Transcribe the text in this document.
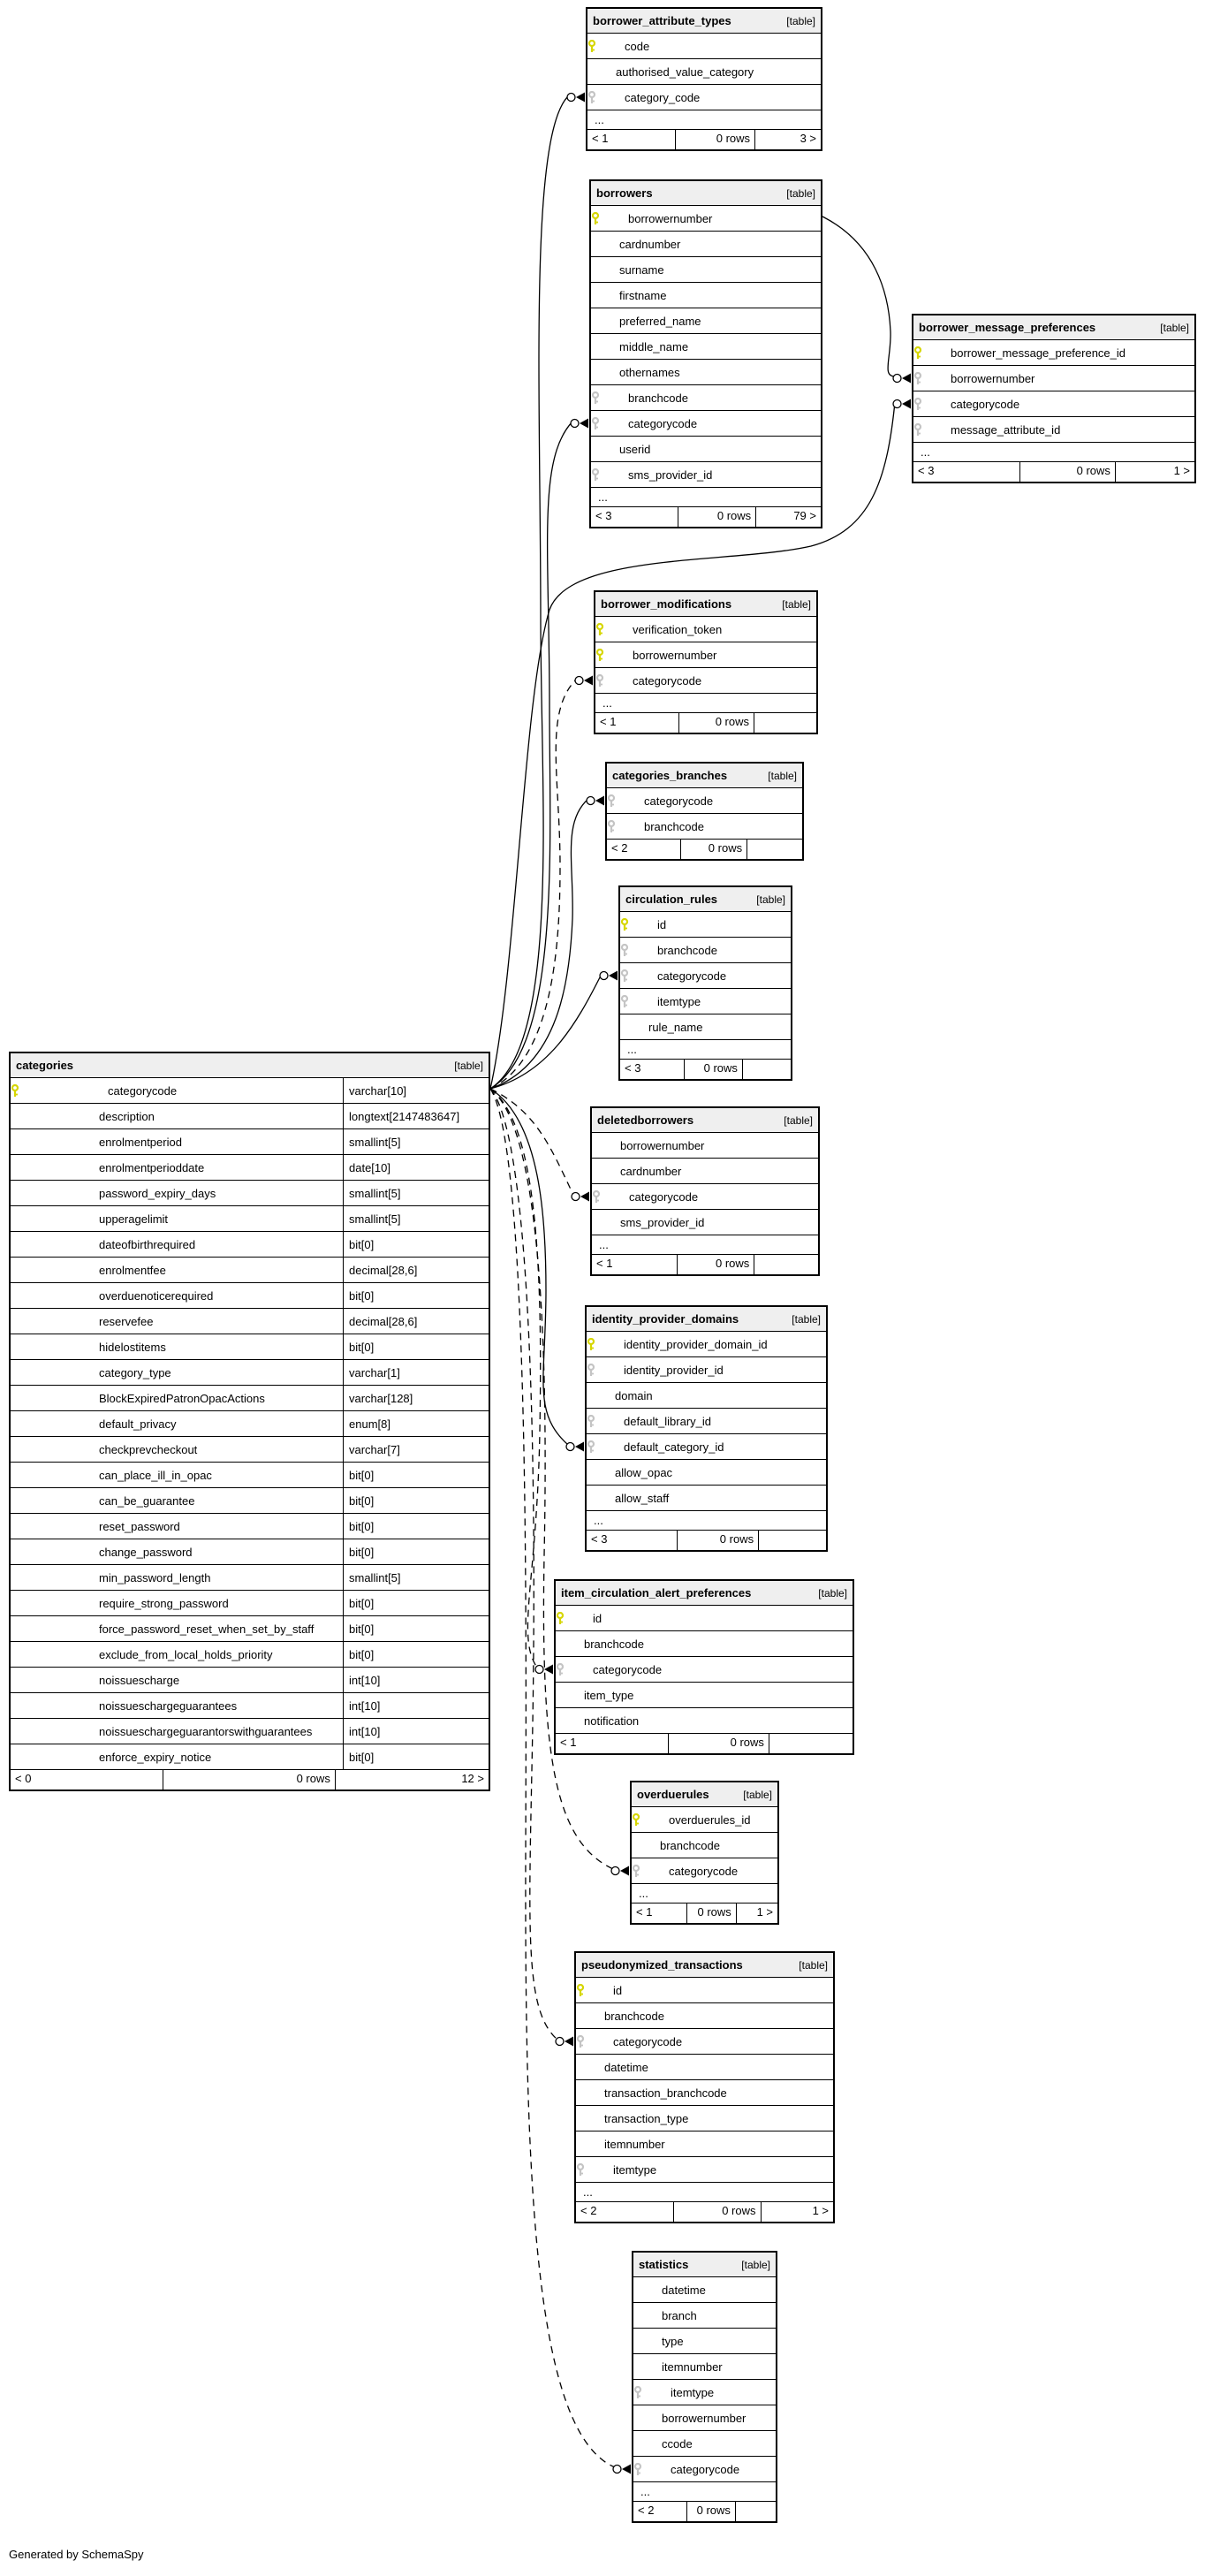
borrower_attribute_types	[table]
code
authorised_value_category
category_code
...
< 1	0 rows	3 >
borrowers	[table]
borrowernumber
cardnumber
surname
firstname
preferred_name
middle_name
othernames
branchcode
categorycode
userid
sms_provider_id
...
< 3	0 rows	79 >
borrower_message_preferences	[table]
borrower_message_preference_id
borrowernumber
categorycode
message_attribute_id
...
< 3	0 rows	1 >
borrower_modifications	[table]
verification_token
borrowernumber
categorycode
...
< 1	0 rows
categories_branches	[table]
categorycode
branchcode
< 2	0 rows
circulation_rules	[table]
id
branchcode
categorycode
itemtype
rule_name
...
< 3	0 rows
categories	[table]
categorycode	varchar[10]
description	longtext[2147483647]
enrolmentperiod	smallint[5]
enrolmentperioddate	date[10]
password_expiry_days	smallint[5]
upperagelimit	smallint[5]
dateofbirthrequired	bit[0]
enrolmentfee	decimal[28,6]
overduenoticerequired	bit[0]
reservefee	decimal[28,6]
hidelostitems	bit[0]
category_type	varchar[1]
BlockExpiredPatronOpacActions	varchar[128]
default_privacy	enum[8]
checkprevcheckout	varchar[7]
can_place_ill_in_opac	bit[0]
can_be_guarantee	bit[0]
reset_password	bit[0]
change_password	bit[0]
min_password_length	smallint[5]
require_strong_password	bit[0]
force_password_reset_when_set_by_staff	bit[0]
exclude_from_local_holds_priority	bit[0]
noissuescharge	int[10]
noissueschargeguarantees	int[10]
noissueschargeguarantorswithguarantees	int[10]
enforce_expiry_notice	bit[0]
< 0	0 rows	12 >
deletedborrowers	[table]
borrowernumber
cardnumber
categorycode
sms_provider_id
...
< 1	0 rows
identity_provider_domains	[table]
identity_provider_domain_id
identity_provider_id
domain
default_library_id
default_category_id
allow_opac
allow_staff
...
< 3	0 rows
item_circulation_alert_preferences	[table]
id
branchcode
categorycode
item_type
notification
< 1	0 rows
overduerules	[table]
overduerules_id
branchcode
categorycode
...
< 1	0 rows	1 >
pseudonymized_transactions	[table]
id
branchcode
categorycode
datetime
transaction_branchcode
transaction_type
itemnumber
itemtype
...
< 2	0 rows	1 >
statistics	[table]
datetime
branch
type
itemnumber
itemtype
borrowernumber
ccode
categorycode
...
< 2	0 rows
Generated by SchemaSpy
